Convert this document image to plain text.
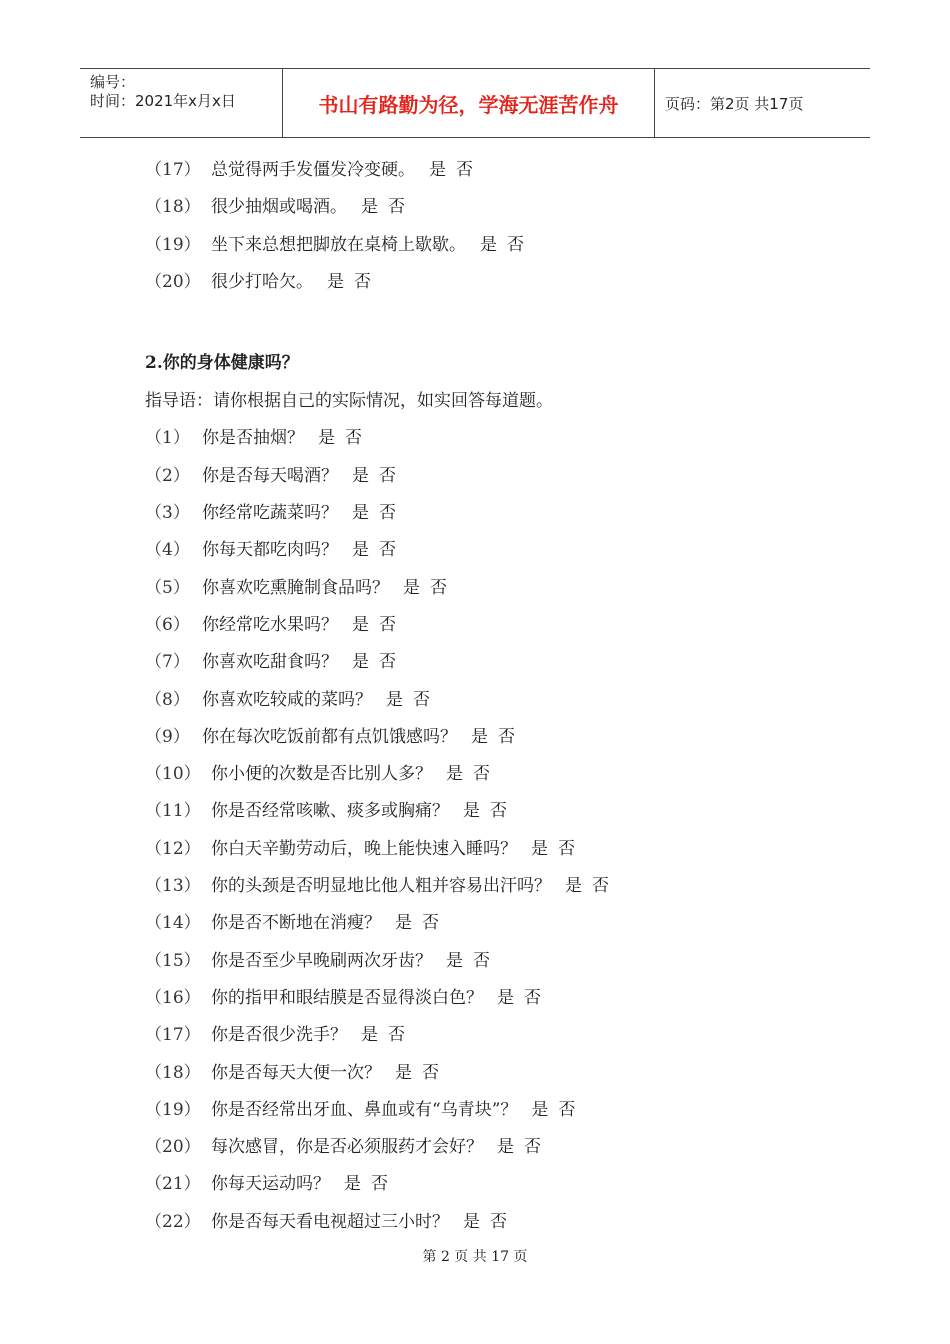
编号：
时间：2021年x月x日	书山有路勤为径，学海无涯苦作舟	页码：第2页 共17页
（17） 总觉得两手发僵发冷变硬。 是 否
（18） 很少抽烟或喝酒。 是 否
（19） 坐下来总想把脚放在桌椅上歇歇。 是 否
（20） 很少打哈欠。 是 否
2.你的身体健康吗？
指导语：请你根据自己的实际情况，如实回答每道题。
（1） 你是否抽烟？ 是 否
（2） 你是否每天喝酒？ 是 否
（3） 你经常吃蔬菜吗？ 是 否
（4） 你每天都吃肉吗？ 是 否
（5） 你喜欢吃熏腌制食品吗？ 是 否
（6） 你经常吃水果吗？ 是 否
（7） 你喜欢吃甜食吗？ 是 否
（8） 你喜欢吃较咸的菜吗？ 是 否
（9） 你在每次吃饭前都有点饥饿感吗？ 是 否
（10） 你小便的次数是否比别人多？ 是 否
（11） 你是否经常咳嗽、痰多或胸痛？ 是 否
（12） 你白天辛勤劳动后，晚上能快速入睡吗？ 是 否
（13） 你的头颈是否明显地比他人粗并容易出汗吗？ 是 否
（14） 你是否不断地在消瘦？ 是 否
（15） 你是否至少早晚刷两次牙齿？ 是 否
（16） 你的指甲和眼结膜是否显得淡白色？ 是 否
（17） 你是否很少洗手？ 是 否
（18） 你是否每天大便一次？ 是 否
（19） 你是否经常出牙血、鼻血或有“乌青块”？ 是 否
（20） 每次感冒，你是否必须服药才会好？ 是 否
（21） 你每天运动吗？ 是 否
（22） 你是否每天看电视超过三小时？ 是 否
第 2 页 共 17 页
